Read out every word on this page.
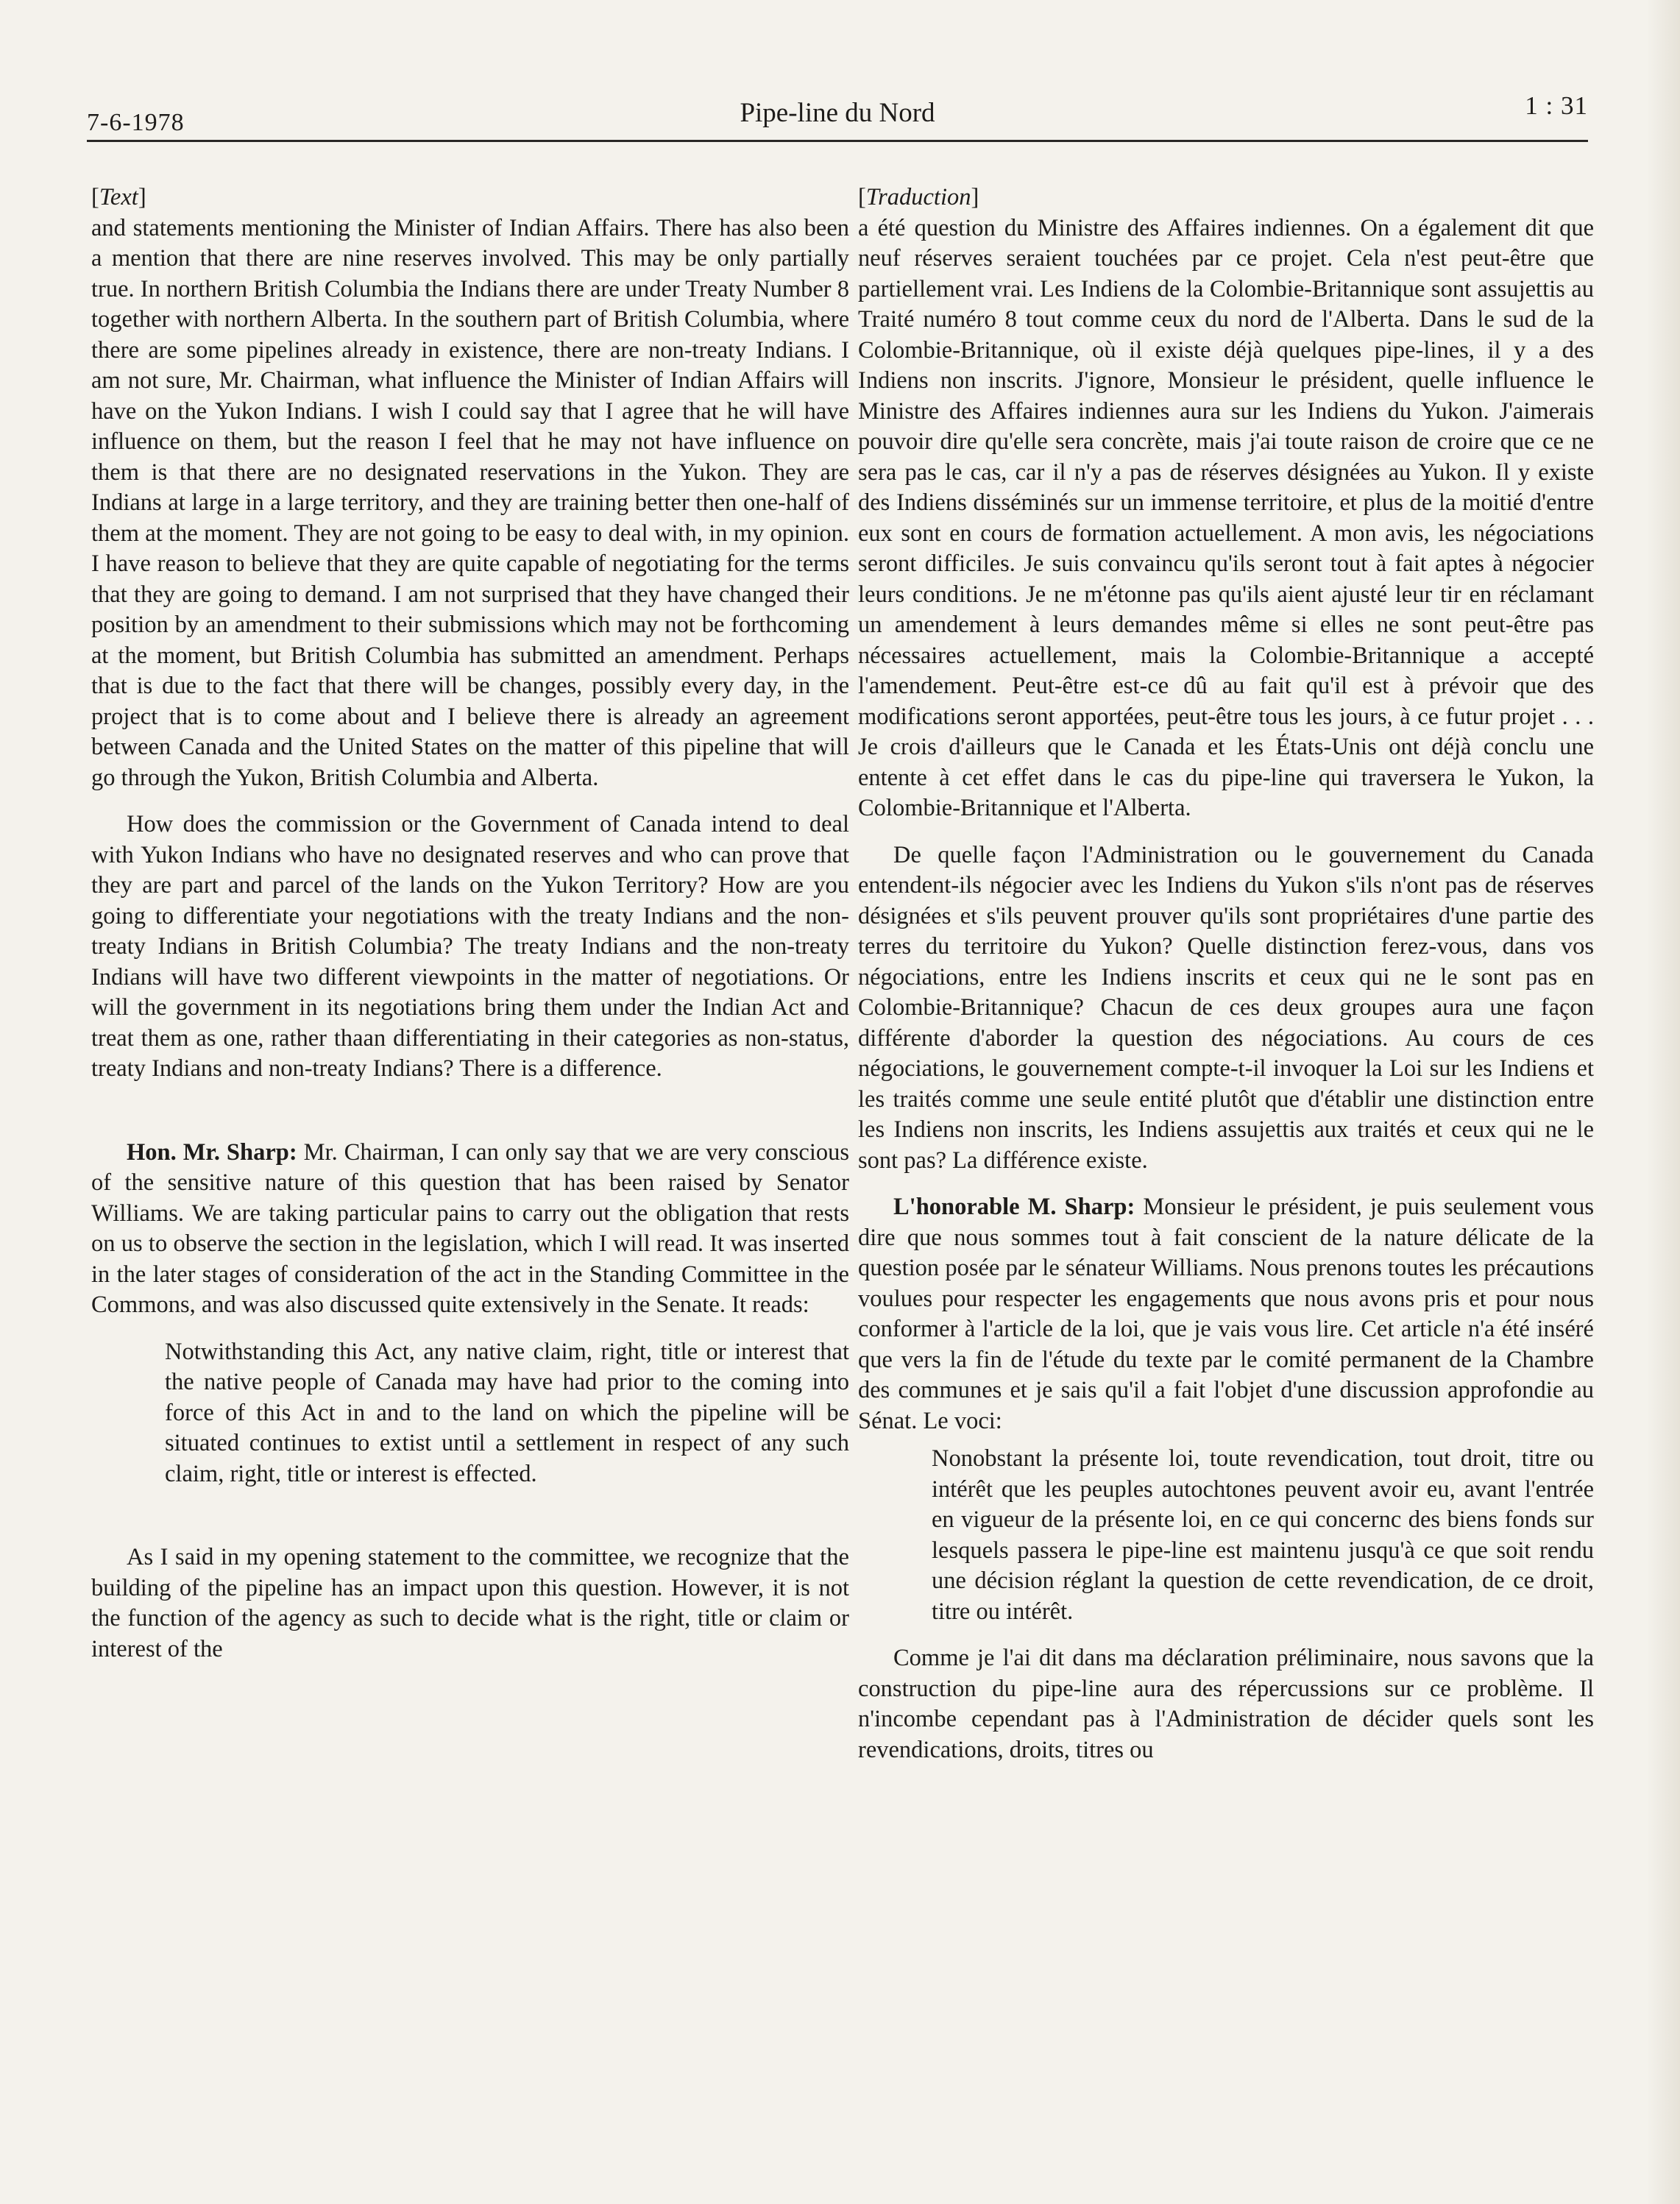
7-6-1978	Pipe-line du Nord	1 : 31

[ Text ]

and statements mentioning the Minister of Indian Affairs. There has also been a mention that there are nine reserves involved. This may be only partially true. In northern British Columbia the Indians there are under Treaty Number 8 together with northern Alberta. In the southern part of British Columbia, where there are some pipelines already in existence, there are non-treaty Indians. I am not sure, Mr. Chairman, what influence the Minister of Indian Affairs will have on the Yukon Indians. I wish I could say that I agree that he will have influence on them, but the reason I feel that he may not have influence on them is that there are no designated reservations in the Yukon. They are Indians at large in a large territory, and they are training better then one-half of them at the moment. They are not going to be easy to deal with, in my opinion. I have reason to believe that they are quite capable of negotiating for the terms that they are going to demand. I am not surprised that they have changed their position by an amendment to their submissions which may not be forthcoming at the moment, but British Columbia has submitted an amendment. Perhaps that is due to the fact that there will be changes, possibly every day, in the project that is to come about and I believe there is already an agreement between Canada and the United States on the matter of this pipeline that will go through the Yukon, British Columbia and Alberta.

How does the commission or the Government of Canada intend to deal with Yukon Indians who have no designated reserves and who can prove that they are part and parcel of the lands on the Yukon Territory? How are you going to differentiate your negotiations with the treaty Indians and the non-treaty Indians in British Columbia? The treaty Indians and the non-treaty Indians will have two different viewpoints in the matter of negotiations. Or will the government in its negotiations bring them under the Indian Act and treat them as one, rather thaan differentiating in their categories as non-status, treaty Indians and non-treaty Indians? There is a difference.

Hon. Mr. Sharp: Mr. Chairman, I can only say that we are very conscious of the sensitive nature of this question that has been raised by Senator Williams. We are taking particular pains to carry out the obligation that rests on us to observe the section in the legislation, which I will read. It was inserted in the later stages of consideration of the act in the Standing Committee in the Commons, and was also discussed quite extensively in the Senate. It reads:

Notwithstanding this Act, any native claim, right, title or interest that the native people of Canada may have had prior to the coming into force of this Act in and to the land on which the pipeline will be situated continues to extist until a settlement in respect of any such claim, right, title or interest is effected.

As I said in my opening statement to the committee, we recognize that the building of the pipeline has an impact upon this question. However, it is not the function of the agency as such to decide what is the right, title or claim or interest of the

[ Traduction ]

a été question du Ministre des Affaires indiennes. On a également dit que neuf réserves seraient touchées par ce projet. Cela n'est peut-être que partiellement vrai. Les Indiens de la Colombie-Britannique sont assujettis au Traité numéro 8 tout comme ceux du nord de l'Alberta. Dans le sud de la Colombie-Britannique, où il existe déjà quelques pipe-lines, il y a des Indiens non inscrits. J'ignore, Monsieur le président, quelle influence le Ministre des Affaires indiennes aura sur les Indiens du Yukon. J'aimerais pouvoir dire qu'elle sera concrète, mais j'ai toute raison de croire que ce ne sera pas le cas, car il n'y a pas de réserves désignées au Yukon. Il y existe des Indiens disséminés sur un immense territoire, et plus de la moitié d'entre eux sont en cours de formation actuellement. A mon avis, les négociations seront difficiles. Je suis convaincu qu'ils seront tout à fait aptes à négocier leurs conditions. Je ne m'étonne pas qu'ils aient ajusté leur tir en réclamant un amendement à leurs demandes même si elles ne sont peut-être pas nécessaires actuellement, mais la Colombie-Britannique a accepté l'amendement. Peut-être est-ce dû au fait qu'il est à prévoir que des modifications seront apportées, peut-être tous les jours, à ce futur projet . . . Je crois d'ailleurs que le Canada et les États-Unis ont déjà conclu une entente à cet effet dans le cas du pipe-line qui traversera le Yukon, la Colombie-Britannique et l'Alberta.

De quelle façon l'Administration ou le gouvernement du Canada entendent-ils négocier avec les Indiens du Yukon s'ils n'ont pas de réserves désignées et s'ils peuvent prouver qu'ils sont propriétaires d'une partie des terres du territoire du Yukon? Quelle distinction ferez-vous, dans vos négociations, entre les Indiens inscrits et ceux qui ne le sont pas en Colombie-Britannique? Chacun de ces deux groupes aura une façon différente d'aborder la question des négociations. Au cours de ces négociations, le gouvernement compte-t-il invoquer la Loi sur les Indiens et les traités comme une seule entité plutôt que d'établir une distinction entre les Indiens non inscrits, les Indiens assujettis aux traités et ceux qui ne le sont pas? La différence existe.

L'honorable M. Sharp: Monsieur le président, je puis seulement vous dire que nous sommes tout à fait conscient de la nature délicate de la question posée par le sénateur Williams. Nous prenons toutes les précautions voulues pour respecter les engagements que nous avons pris et pour nous conformer à l'article de la loi, que je vais vous lire. Cet article n'a été inséré que vers la fin de l'étude du texte par le comité permanent de la Chambre des communes et je sais qu'il a fait l'objet d'une discussion approfondie au Sénat. Le voci:

Nonobstant la présente loi, toute revendication, tout droit, titre ou intérêt que les peuples autochtones peuvent avoir eu, avant l'entrée en vigueur de la présente loi, en ce qui concernc des biens fonds sur lesquels passera le pipe-line est maintenu jusqu'à ce que soit rendu une décision réglant la question de cette revendication, de ce droit, titre ou intérêt.

Comme je l'ai dit dans ma déclaration préliminaire, nous savons que la construction du pipe-line aura des répercussions sur ce problème. Il n'incombe cependant pas à l'Administration de décider quels sont les revendications, droits, titres ou
